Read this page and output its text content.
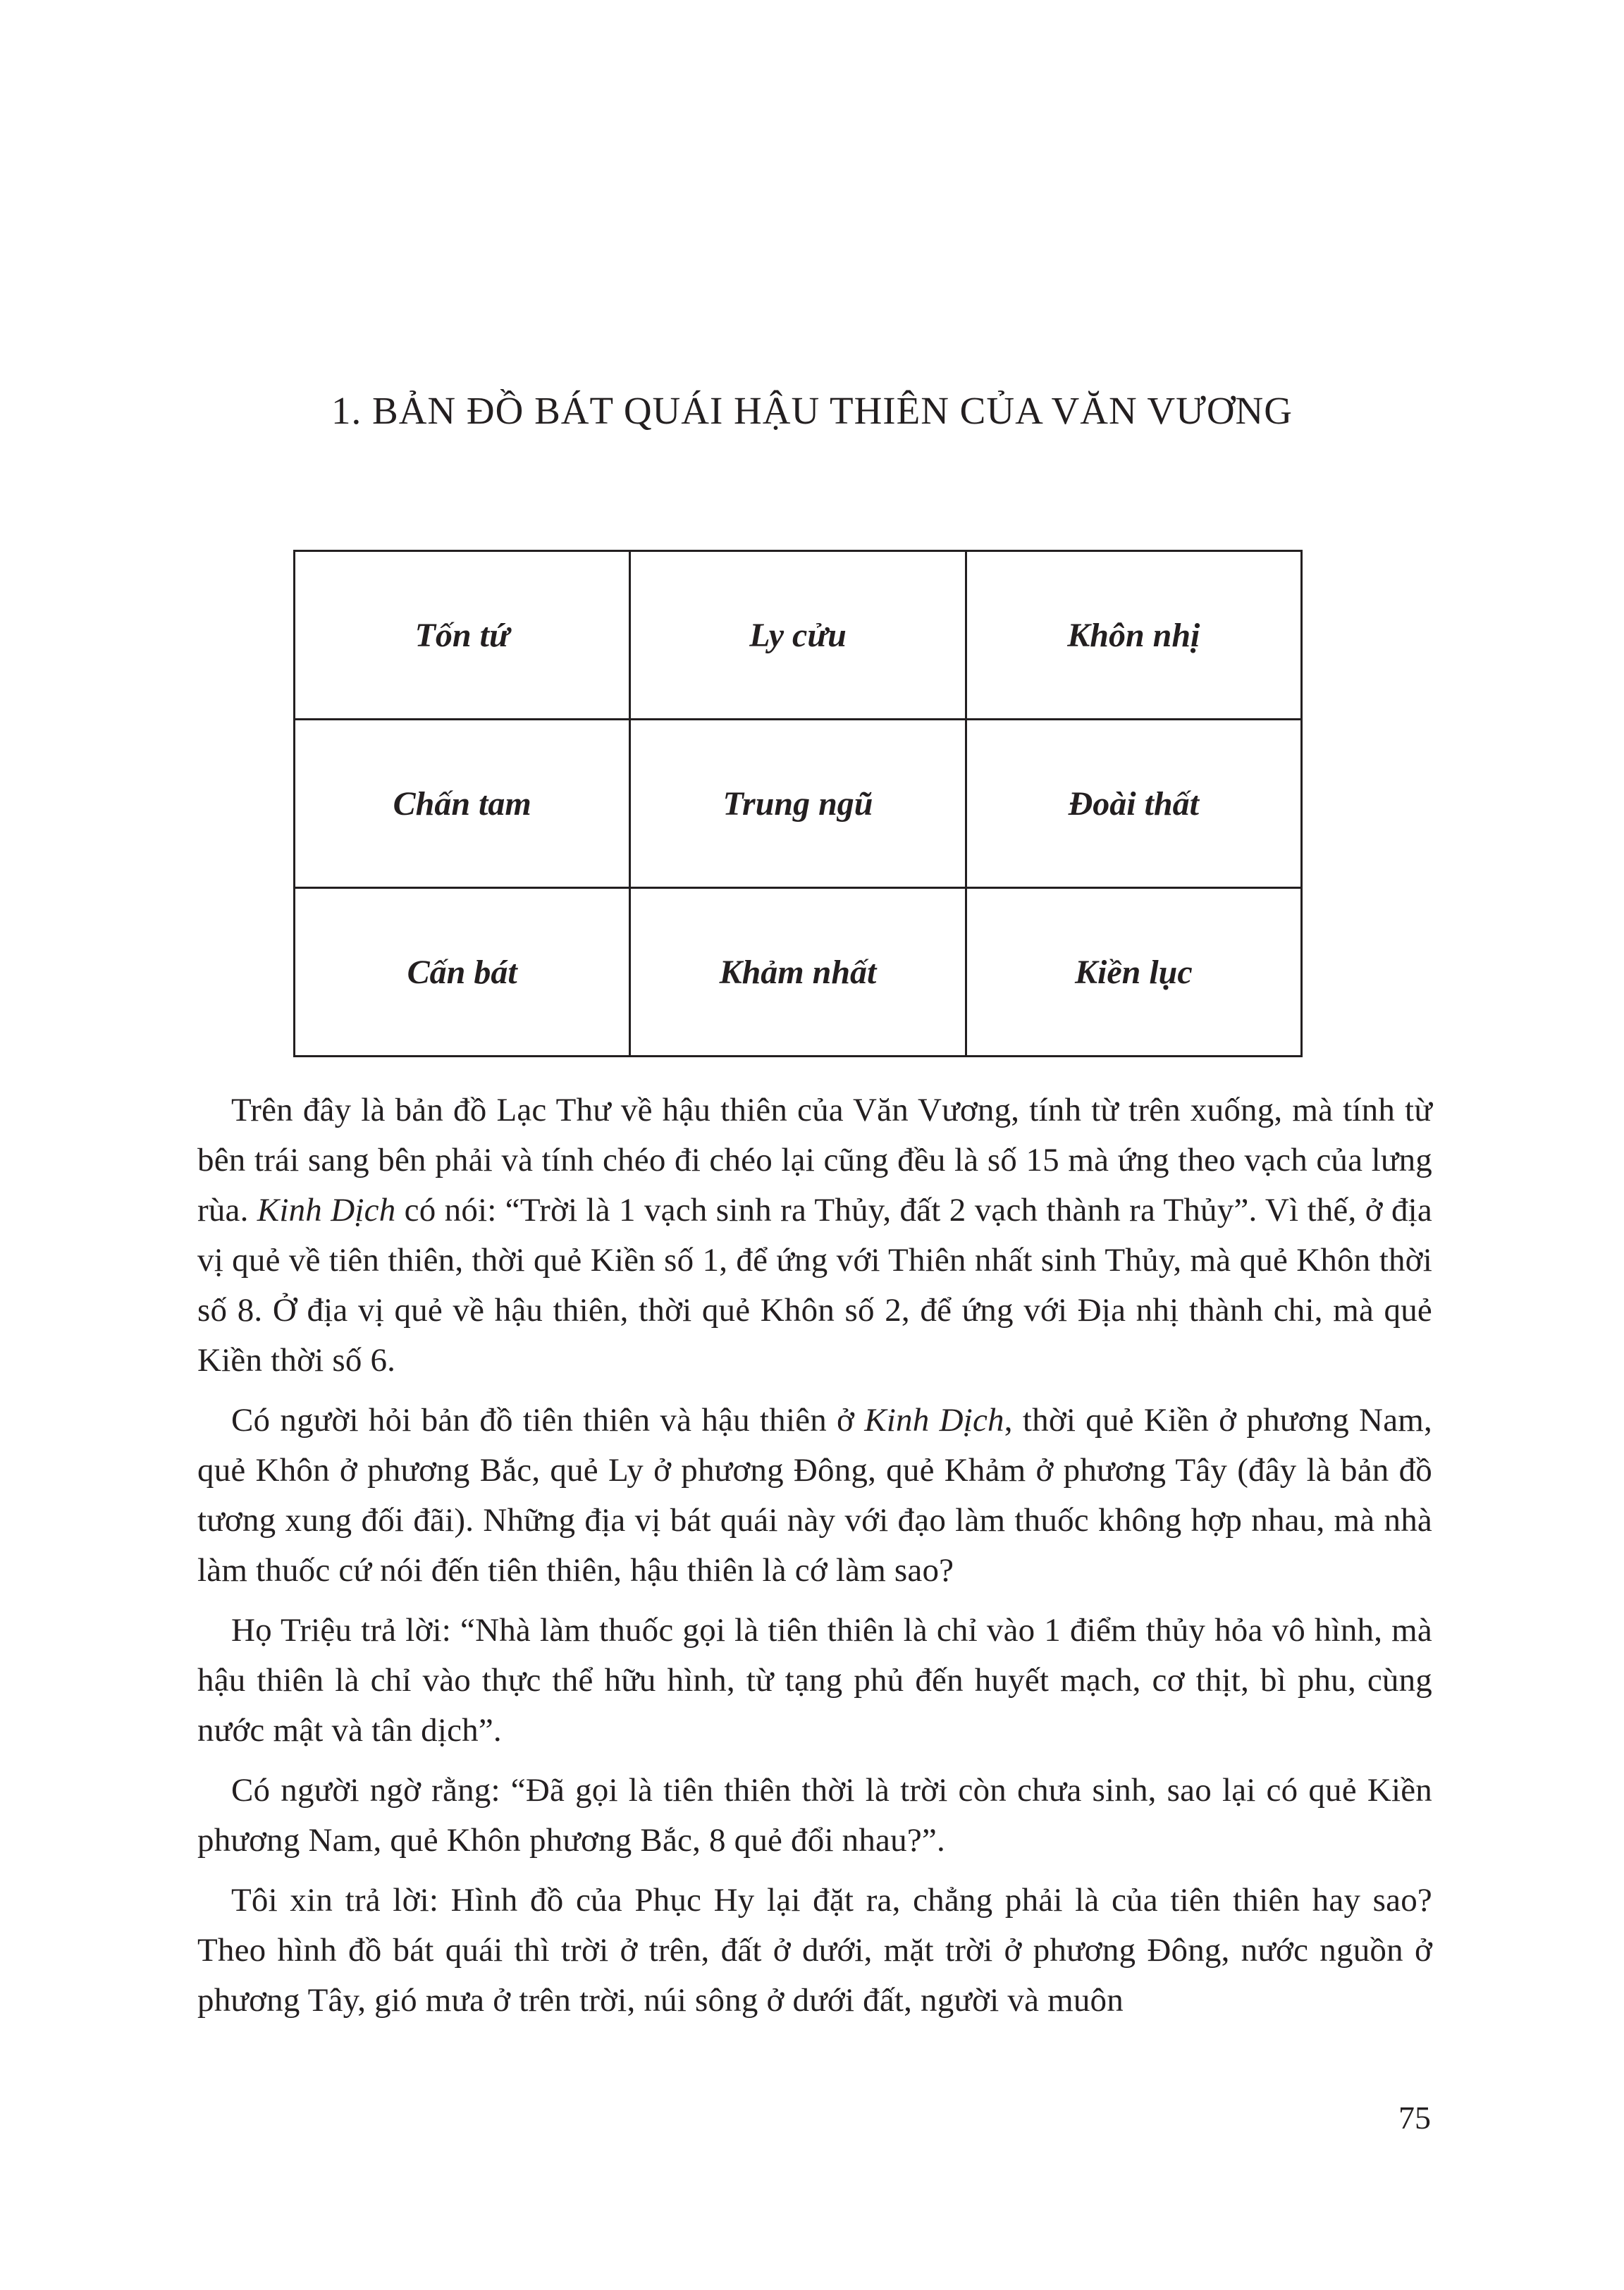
1. BẢN ĐỒ BÁT QUÁI HẬU THIÊN CỦA VĂN VƯƠNG
Tốn tứ	Ly cửu	Khôn nhị
Chấn tam	Trung ngũ	Đoài thất
Cấn bát	Khảm nhất	Kiền lục

Trên đây là bản đồ Lạc Thư về hậu thiên của Văn Vương, tính từ trên xuống, mà tính từ bên trái sang bên phải và tính chéo đi chéo lại cũng đều là số 15 mà ứng theo vạch của lưng rùa. Kinh Dịch có nói: “Trời là 1 vạch sinh ra Thủy, đất 2 vạch thành ra Thủy”. Vì thế, ở địa vị quẻ về tiên thiên, thời quẻ Kiền số 1, để ứng với Thiên nhất sinh Thủy, mà quẻ Khôn thời số 8. Ở địa vị quẻ về hậu thiên, thời quẻ Khôn số 2, để ứng với Địa nhị thành chi, mà quẻ Kiền thời số 6.

Có người hỏi bản đồ tiên thiên và hậu thiên ở Kinh Dịch, thời quẻ Kiền ở phương Nam, quẻ Khôn ở phương Bắc, quẻ Ly ở phương Đông, quẻ Khảm ở phương Tây (đây là bản đồ tương xung đối đãi). Những địa vị bát quái này với đạo làm thuốc không hợp nhau, mà nhà làm thuốc cứ nói đến tiên thiên, hậu thiên là cớ làm sao?

Họ Triệu trả lời: “Nhà làm thuốc gọi là tiên thiên là chỉ vào 1 điểm thủy hỏa vô hình, mà hậu thiên là chỉ vào thực thể hữu hình, từ tạng phủ đến huyết mạch, cơ thịt, bì phu, cùng nước mật và tân dịch”.

Có người ngờ rằng: “Đã gọi là tiên thiên thời là trời còn chưa sinh, sao lại có quẻ Kiền phương Nam, quẻ Khôn phương Bắc, 8 quẻ đổi nhau?”.

Tôi xin trả lời: Hình đồ của Phục Hy lại đặt ra, chẳng phải là của tiên thiên hay sao? Theo hình đồ bát quái thì trời ở trên, đất ở dưới, mặt trời ở phương Đông, nước nguồn ở phương Tây, gió mưa ở trên trời, núi sông ở dưới đất, người và muôn

75
